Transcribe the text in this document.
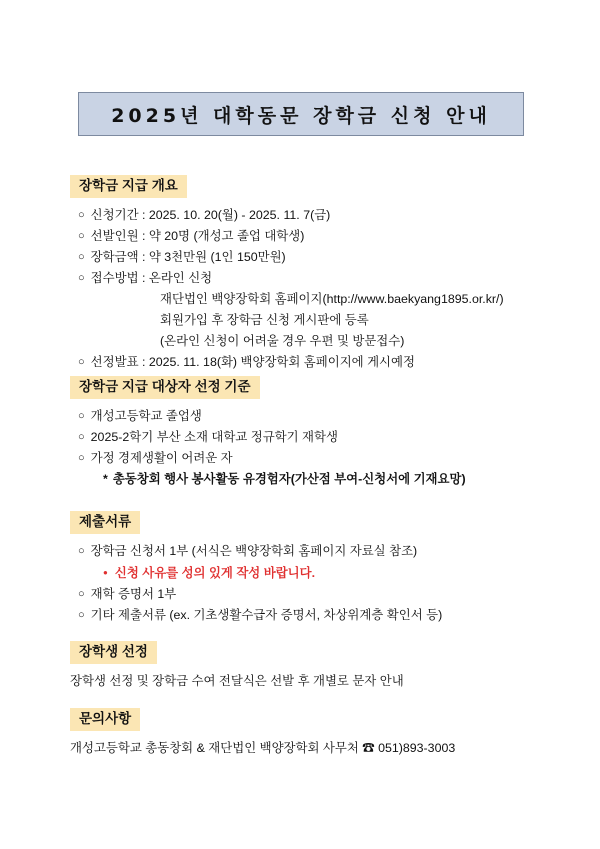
2025년 대학동문 장학금 신청 안내
장학금 지급 개요
○ 신청기간 : 2025. 10. 20(월) - 2025. 11. 7(금)
○ 선발인원 : 약 20명 (개성고 졸업 대학생)
○ 장학금액 : 약 3천만원 (1인 150만원)
○ 접수방법 : 온라인 신청
재단법인 백양장학회 홈페이지(http://www.baekyang1895.or.kr/)
회원가입 후 장학금 신청 게시판에 등록
(온라인 신청이 어려울 경우 우편 및 방문접수)
○ 선정발표 : 2025. 11. 18(화) 백양장학회 홈페이지에 게시예정
장학금 지급 대상자 선정 기준
○ 개성고등학교 졸업생
○ 2025-2학기 부산 소재 대학교 정규학기 재학생
○ 가정 경제생활이 어려운 자
* 총동창회 행사 봉사활동 유경험자(가산점 부여-신청서에 기재요망)
제출서류
○ 장학금 신청서 1부 (서식은 백양장학회 홈페이지 자료실 참조)
● 신청 사유를 성의 있게 작성 바랍니다.
○ 재학 증명서 1부
○ 기타 제출서류 (ex. 기초생활수급자 증명서, 차상위계층 확인서 등)
장학생 선정
장학생 선정 및 장학금 수여 전달식은 선발 후 개별로 문자 안내
문의사항
개성고등학교 총동창회 & 재단법인 백양장학회 사무처 ☎ 051)893-3003
